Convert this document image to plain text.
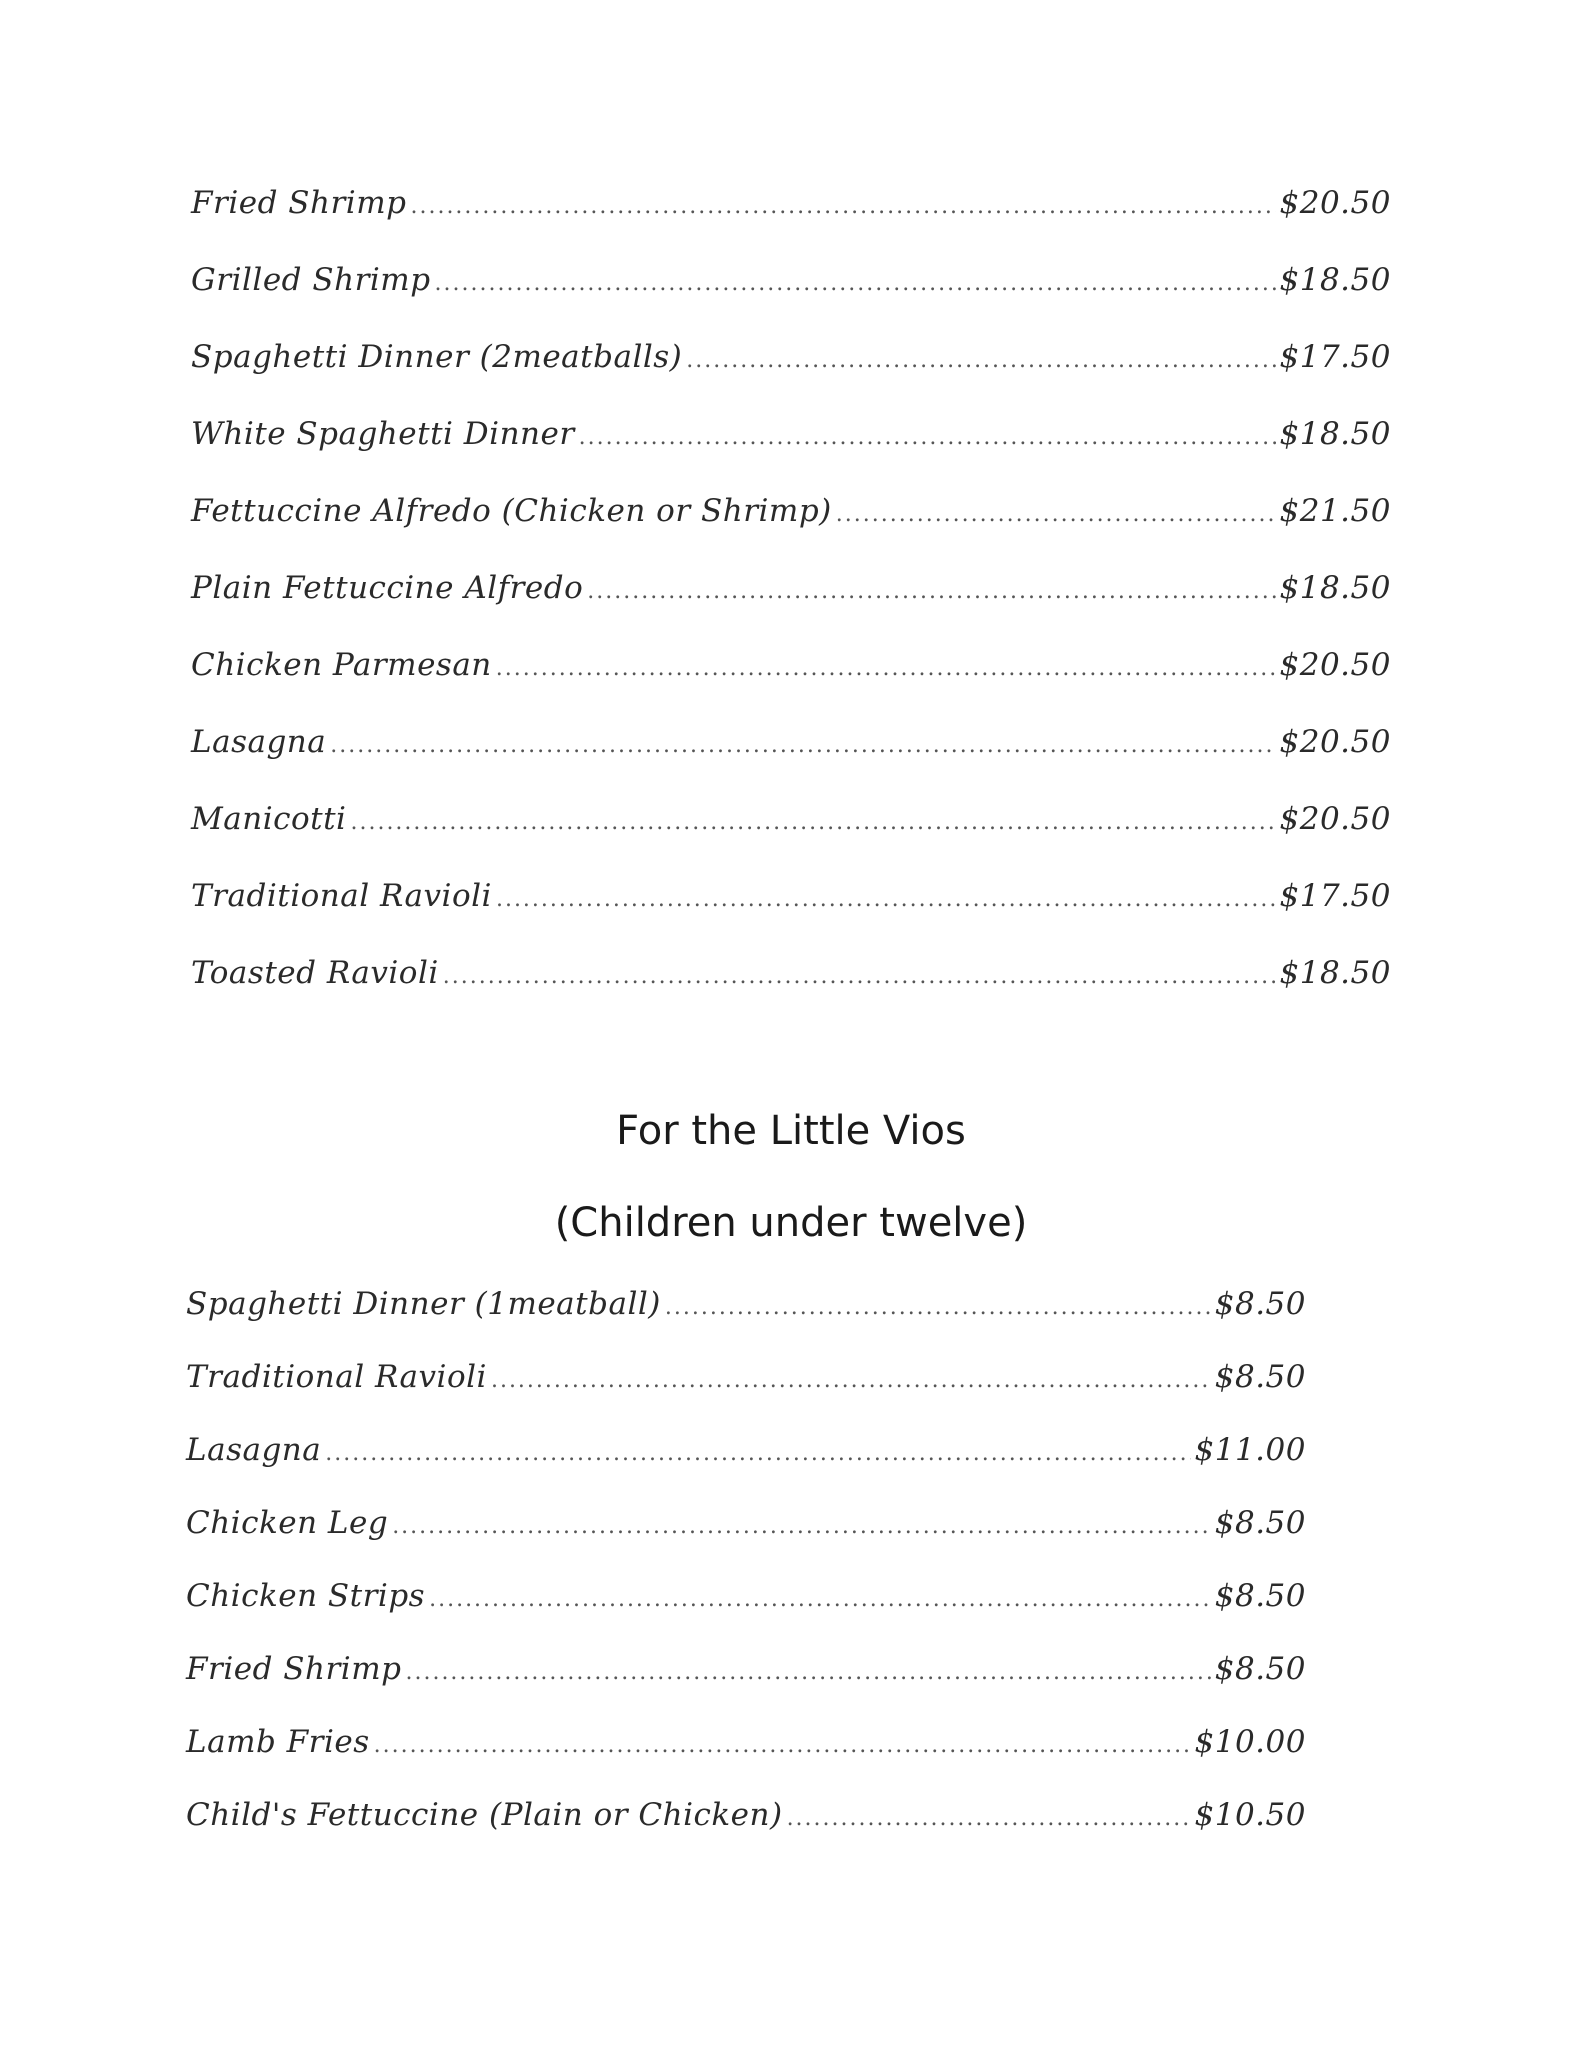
Fried Shrimp .....	$20.50
Grilled Shrimp .....	$18.50
Spaghetti Dinner (2meatballs) .....	$17.50
White Spaghetti Dinner .....	$18.50
Fettuccine Alfredo (Chicken or Shrimp) .....	$21.50
Plain Fettuccine Alfredo .....	$18.50
Chicken Parmesan .....	$20.50
Lasagna .....	$20.50
Manicotti .....	$20.50
Traditional Ravioli .....	$17.50
Toasted Ravioli .....	$18.50
For the Little Vios
(Children under twelve)
Spaghetti Dinner (1meatball) .....	$8.50
Traditional Ravioli .....	$8.50
Lasagna .....	$11.00
Chicken Leg .....	$8.50
Chicken Strips .....	$8.50
Fried Shrimp .....	$8.50
Lamb Fries .....	$10.00
Child's Fettuccine (Plain or Chicken) .....	$10.50
